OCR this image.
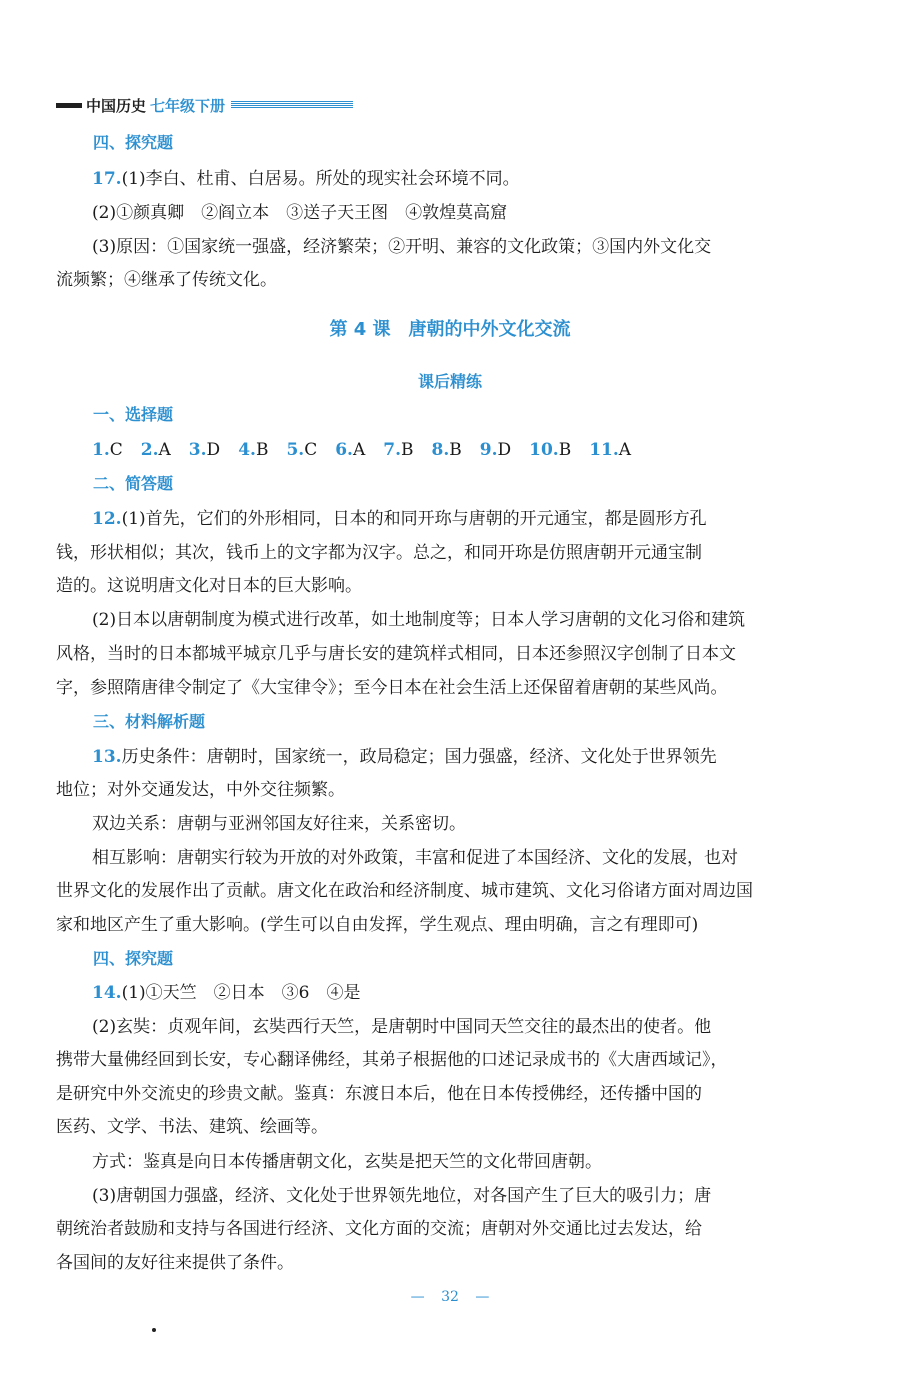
中国历史 七年级下册
四、探究题
17.(1)李白、杜甫、白居易。所处的现实社会环境不同。
(2)①颜真卿　②阎立本　③送子天王图　④敦煌莫高窟
(3)原因：①国家统一强盛，经济繁荣；②开明、兼容的文化政策；③国内外文化交
流频繁；④继承了传统文化。
第 4 课　唐朝的中外文化交流
课后精练
一、选择题
1.C 2.A 3.D 4.B 5.C 6.A 7.B 8.B 9.D 10.B 11.A
二、简答题
12.(1)首先，它们的外形相同，日本的和同开珎与唐朝的开元通宝，都是圆形方孔
钱，形状相似；其次，钱币上的文字都为汉字。总之，和同开珎是仿照唐朝开元通宝制
造的。这说明唐文化对日本的巨大影响。
(2)日本以唐朝制度为模式进行改革，如土地制度等；日本人学习唐朝的文化习俗和建筑
风格，当时的日本都城平城京几乎与唐长安的建筑样式相同，日本还参照汉字创制了日本文
字，参照隋唐律令制定了《大宝律令》；至今日本在社会生活上还保留着唐朝的某些风尚。
三、材料解析题
13.历史条件：唐朝时，国家统一，政局稳定；国力强盛，经济、文化处于世界领先
地位；对外交通发达，中外交往频繁。
双边关系：唐朝与亚洲邻国友好往来，关系密切。
相互影响：唐朝实行较为开放的对外政策，丰富和促进了本国经济、文化的发展，也对
世界文化的发展作出了贡献。唐文化在政治和经济制度、城市建筑、文化习俗诸方面对周边国
家和地区产生了重大影响。(学生可以自由发挥，学生观点、理由明确，言之有理即可)
四、探究题
14.(1)①天竺　②日本　③6　④是
(2)玄奘：贞观年间，玄奘西行天竺，是唐朝时中国同天竺交往的最杰出的使者。他
携带大量佛经回到长安，专心翻译佛经，其弟子根据他的口述记录成书的《大唐西域记》，
是研究中外交流史的珍贵文献。鉴真：东渡日本后，他在日本传授佛经，还传播中国的
医药、文学、书法、建筑、绘画等。
方式：鉴真是向日本传播唐朝文化，玄奘是把天竺的文化带回唐朝。
(3)唐朝国力强盛，经济、文化处于世界领先地位，对各国产生了巨大的吸引力；唐
朝统治者鼓励和支持与各国进行经济、文化方面的交流；唐朝对外交通比过去发达，给
各国间的友好往来提供了条件。
— 32 —
